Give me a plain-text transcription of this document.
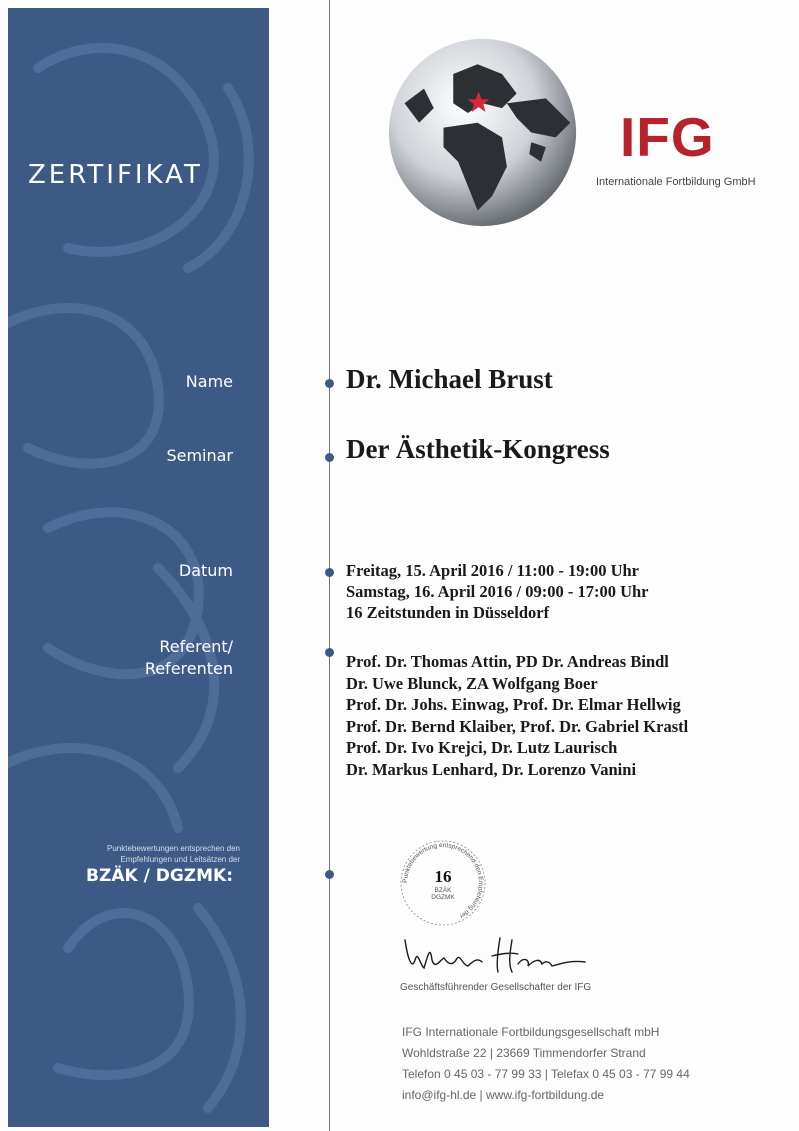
ZERTIFIKAT
Name
Seminar
Datum
Referent/
Referenten
Punktebewertungen entsprechen den
Empfehlungen und Leitsätzen der
BZÄK / DGZMK:
IFG
Internationale Fortbildung GmbH
Dr. Michael Brust
Der Ästhetik-Kongress
Freitag, 15. April 2016 / 11:00 - 19:00 Uhr
Samstag, 16. April 2016 / 09:00 - 17:00 Uhr
16 Zeitstunden in Düsseldorf
Prof. Dr. Thomas Attin, PD Dr. Andreas Bindl
Dr. Uwe Blunck, ZA Wolfgang Boer
Prof. Dr. Johs. Einwag, Prof. Dr. Elmar Hellwig
Prof. Dr. Bernd Klaiber, Prof. Dr. Gabriel Krastl
Prof. Dr. Ivo Krejci, Dr. Lutz Laurisch
Dr. Markus Lenhard, Dr. Lorenzo Vanini
Punktebewertung entsprechend den Empfehlung der
16
BZÄK
DGZMK
Geschäftsführender Gesellschafter der IFG
IFG Internationale Fortbildungsgesellschaft mbH
Wohldstraße 22 | 23669 Timmendorfer Strand
Telefon 0 45 03 - 77 99 33 | Telefax 0 45 03 - 77 99 44
info@ifg-hl.de | www.ifg-fortbildung.de
